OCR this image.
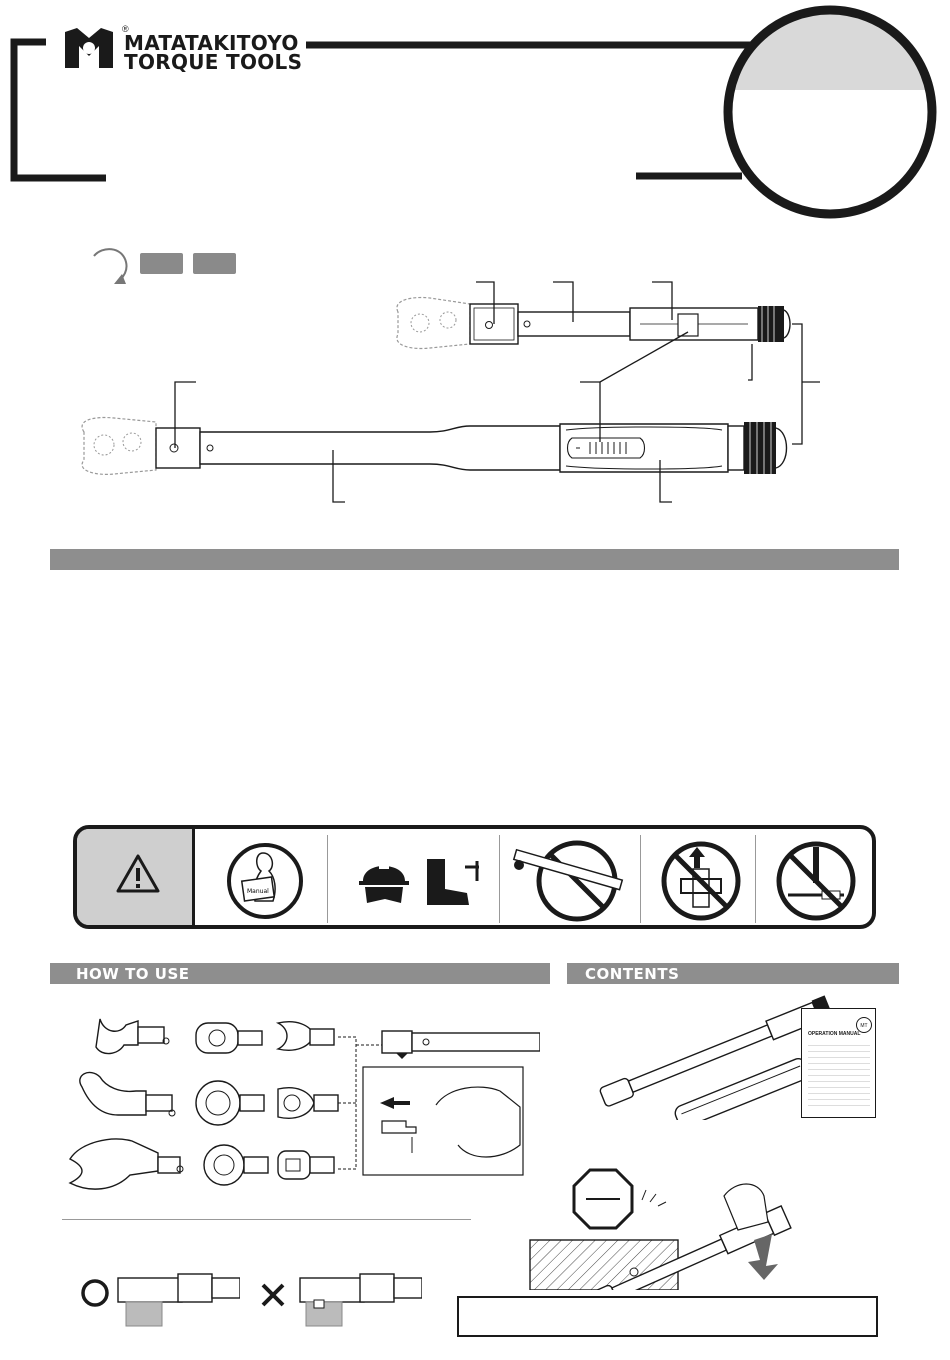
®
MATATAKITOYO
TORQUE TOOLS
Manual
HOW TO USE	CONTENTS
OPERATION MANUAL
MT
